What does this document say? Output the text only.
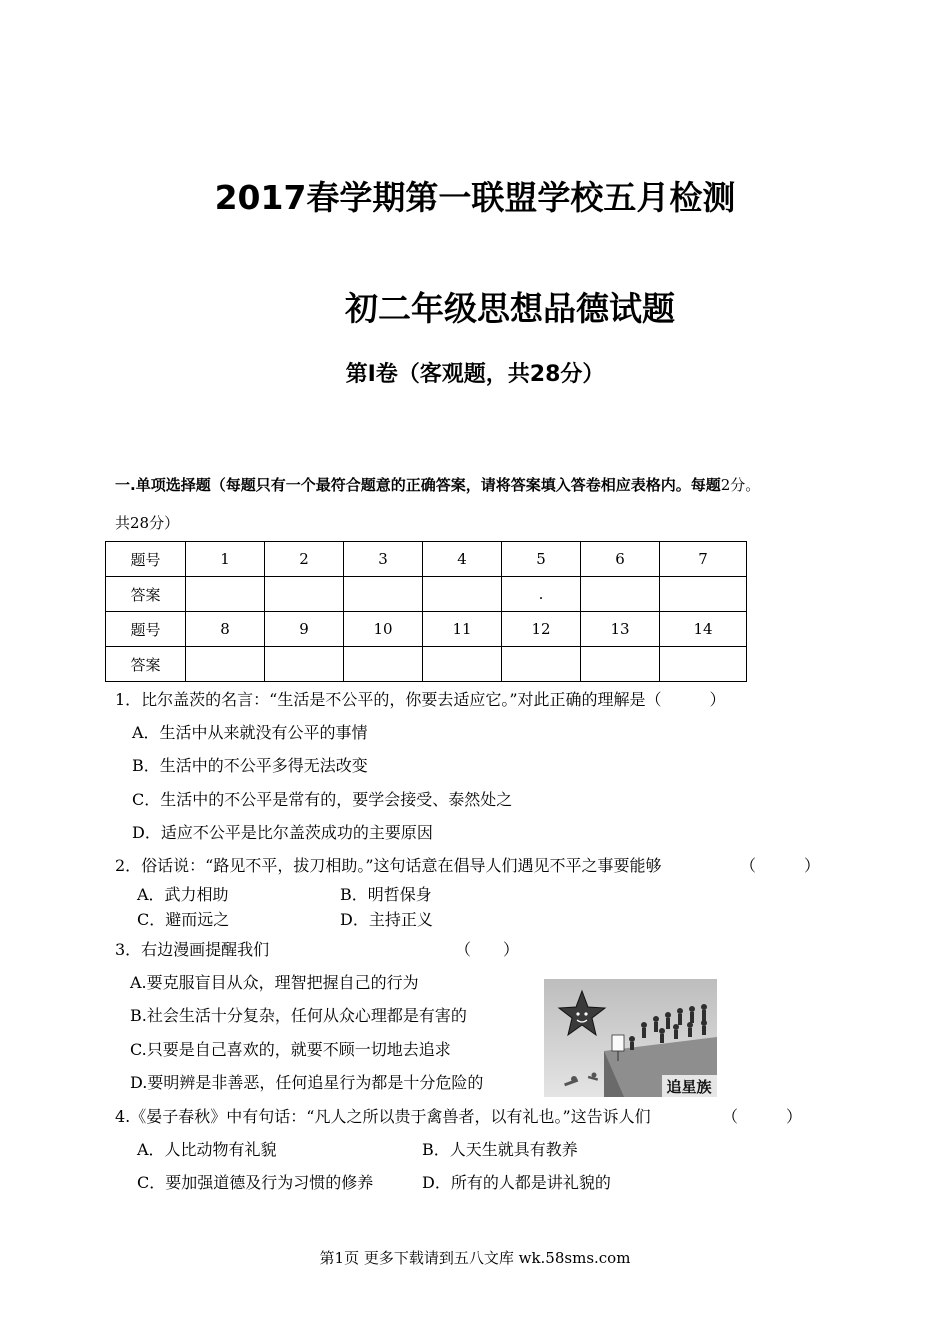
2017春学期第一联盟学校五月检测
初二年级思想品德试题
第Ⅰ卷（客观题，共28分）
一.单项选择题（每题只有一个最符合题意的正确答案，请将答案填入答卷相应表格内。每题2分。
共28分）
题号	1	2	3	4	5	6	7
答案					.		
题号	8	9	10	11	12	13	14
答案							
1．比尔盖茨的名言：“生活是不公平的，你要去适应它。”对此正确的理解是（　　　）
A．生活中从来就没有公平的事情
B．生活中的不公平多得无法改变
C．生活中的不公平是常有的，要学会接受、泰然处之
D．适应不公平是比尔盖茨成功的主要原因
2．俗话说：“路见不平，拔刀相助。”这句话意在倡导人们遇见不平之事要能够	（　　　）
A．武力相助	B．明哲保身
C．避而远之	D．主持正义
3．右边漫画提醒我们	（　　）
A.要克服盲目从众，理智把握自己的行为
B.社会生活十分复杂，任何从众心理都是有害的
C.只要是自己喜欢的，就要不顾一切地去追求
D.要明辨是非善恶，任何追星行为都是十分危险的	追星族
4.《晏子春秋》中有句话：“凡人之所以贵于禽兽者，以有礼也。”这告诉人们	（　　　）
A．人比动物有礼貌	B．人天生就具有教养
C．要加强道德及行为习惯的修养	D．所有的人都是讲礼貌的
第1页 更多下载请到五八文库 wk.58sms.com
